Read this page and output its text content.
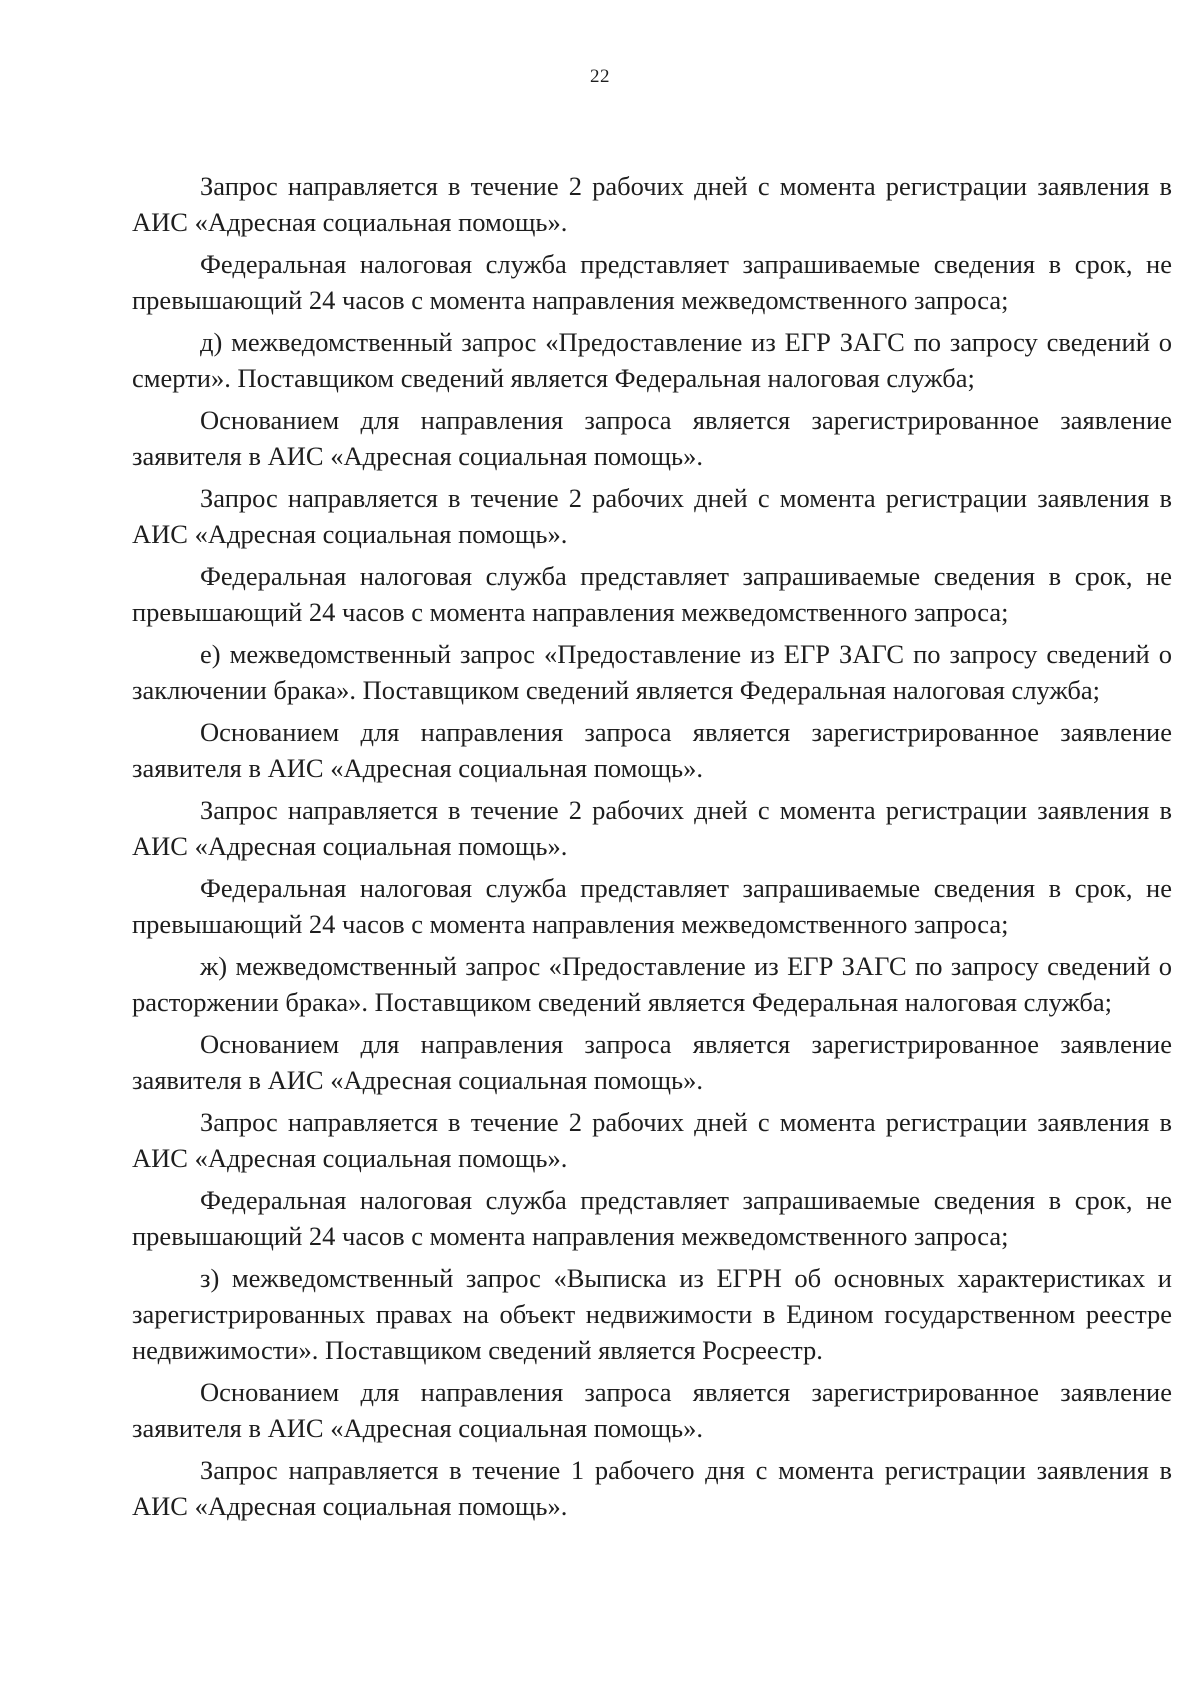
22

Запрос направляется в течение 2 рабочих дней с момента регистрации заявления в АИС «Адресная социальная помощь».

Федеральная налоговая служба представляет запрашиваемые сведения в срок, не превышающий 24 часов с момента направления межведомственного запроса;

д) межведомственный запрос «Предоставление из ЕГР ЗАГС по запросу сведений о смерти». Поставщиком сведений является Федеральная налоговая служба;

Основанием для направления запроса является зарегистрированное заявление заявителя в АИС «Адресная социальная помощь».

Запрос направляется в течение 2 рабочих дней с момента регистрации заявления в АИС «Адресная социальная помощь».

Федеральная налоговая служба представляет запрашиваемые сведения в срок, не превышающий 24 часов с момента направления межведомственного запроса;

е) межведомственный запрос «Предоставление из ЕГР ЗАГС по запросу сведений о заключении брака». Поставщиком сведений является Федеральная налоговая служба;

Основанием для направления запроса является зарегистрированное заявление заявителя в АИС «Адресная социальная помощь».

Запрос направляется в течение 2 рабочих дней с момента регистрации заявления в АИС «Адресная социальная помощь».

Федеральная налоговая служба представляет запрашиваемые сведения в срок, не превышающий 24 часов с момента направления межведомственного запроса;

ж) межведомственный запрос «Предоставление из ЕГР ЗАГС по запросу сведений о расторжении брака». Поставщиком сведений является Федеральная налоговая служба;

Основанием для направления запроса является зарегистрированное заявление заявителя в АИС «Адресная социальная помощь».

Запрос направляется в течение 2 рабочих дней с момента регистрации заявления в АИС «Адресная социальная помощь».

Федеральная налоговая служба представляет запрашиваемые сведения в срок, не превышающий 24 часов с момента направления межведомственного запроса;

з) межведомственный запрос «Выписка из ЕГРН об основных характеристиках и зарегистрированных правах на объект недвижимости в Едином государственном реестре недвижимости». Поставщиком сведений является Росреестр.

Основанием для направления запроса является зарегистрированное заявление заявителя в АИС «Адресная социальная помощь».

Запрос направляется в течение 1 рабочего дня с момента регистрации заявления в АИС «Адресная социальная помощь».
